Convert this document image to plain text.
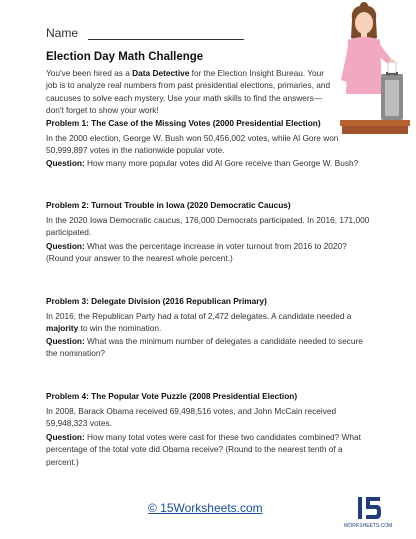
Name
Election Day Math Challenge
You've been hired as a Data Detective for the Election Insight Bureau. Your job is to analyze real numbers from past presidential elections, primaries, and caucuses to solve each mystery. Use your math skills to find the answers—don't forget to show your work!
Problem 1: The Case of the Missing Votes (2000 Presidential Election)
In the 2000 election, George W. Bush won 50,456,002 votes, while Al Gore won 50,999,897 votes in the nationwide popular vote.
Question: How many more popular votes did Al Gore receive than George W. Bush?
Problem 2: Turnout Trouble in Iowa (2020 Democratic Caucus)
In the 2020 Iowa Democratic caucus, 176,000 Democrats participated. In 2016, 171,000 participated.
Question: What was the percentage increase in voter turnout from 2016 to 2020? (Round your answer to the nearest whole percent.)
Problem 3: Delegate Division (2016 Republican Primary)
In 2016, the Republican Party had a total of 2,472 delegates. A candidate needed a majority to win the nomination.
Question: What was the minimum number of delegates a candidate needed to secure the nomination?
Problem 4: The Popular Vote Puzzle (2008 Presidential Election)
In 2008, Barack Obama received 69,498,516 votes, and John McCain received 59,948,323 votes.
Question: How many total votes were cast for these two candidates combined? What percentage of the total vote did Obama receive? (Round to the nearest tenth of a percent.)
© 15Worksheets.com
WORKSHEETS.COM
